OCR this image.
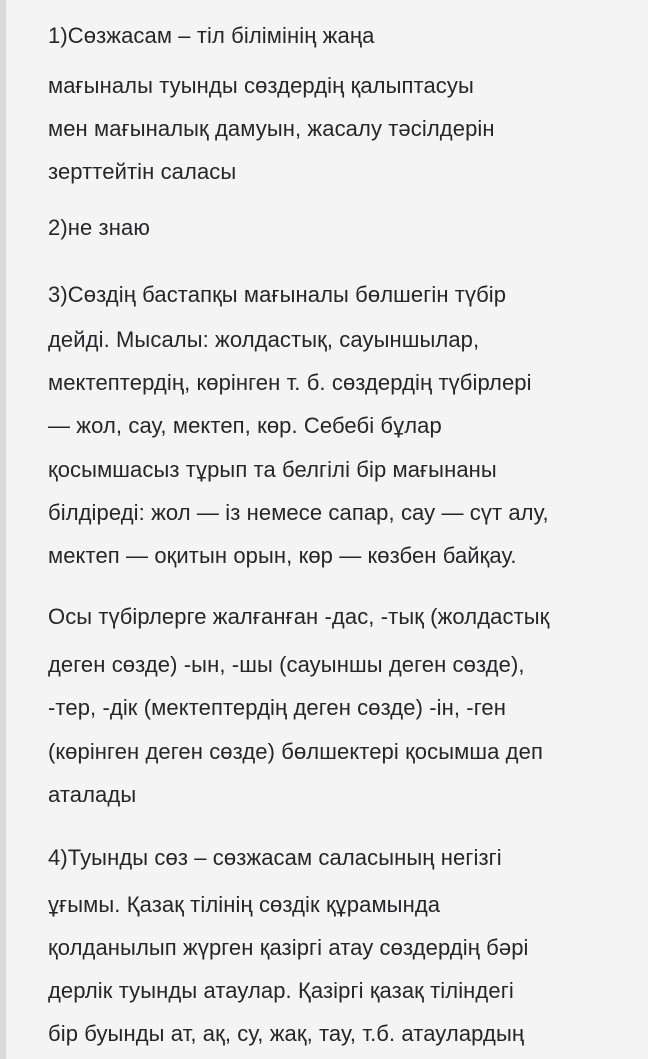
1)Сөзжасам – тіл білімінің жаңа
мағыналы туынды сөздердің қалыптасуы
мен мағыналық дамуын, жасалу тәсілдерін
зерттейтін саласы
2)не знаю
3)Сөздің бастапқы мағыналы бөлшегін түбір
дейді. Мысалы: жолдастық, сауыншылар,
мектептердің, көрінген т. б. сөздердің түбірлері
— жол, сау, мектеп, көр. Себебі бұлар
қосымшасыз тұрып та белгілі бір мағынаны
білдіреді: жол — із немесе сапар, сау — сүт алу,
мектеп — оқитын орын, көр — көзбен байқау.
Осы түбірлерге жалғанған -дас, -тық (жолдастық
деген сөзде) -ын, -шы (сауыншы деген сөзде),
-тер, -дік (мектептердің деген сөзде) -ін, -ген
(көрінген деген сөзде) бөлшектері қосымша деп
аталады
4)Туынды сөз – сөзжасам саласының негізгі
ұғымы. Қазақ тілінің сөздік құрамында
қолданылып жүрген қазіргі атау сөздердің бәрі
дерлік туынды атаулар. Қазіргі қазақ тіліндегі
бір буынды ат, ақ, су, жақ, тау, т.б. атаулардың
